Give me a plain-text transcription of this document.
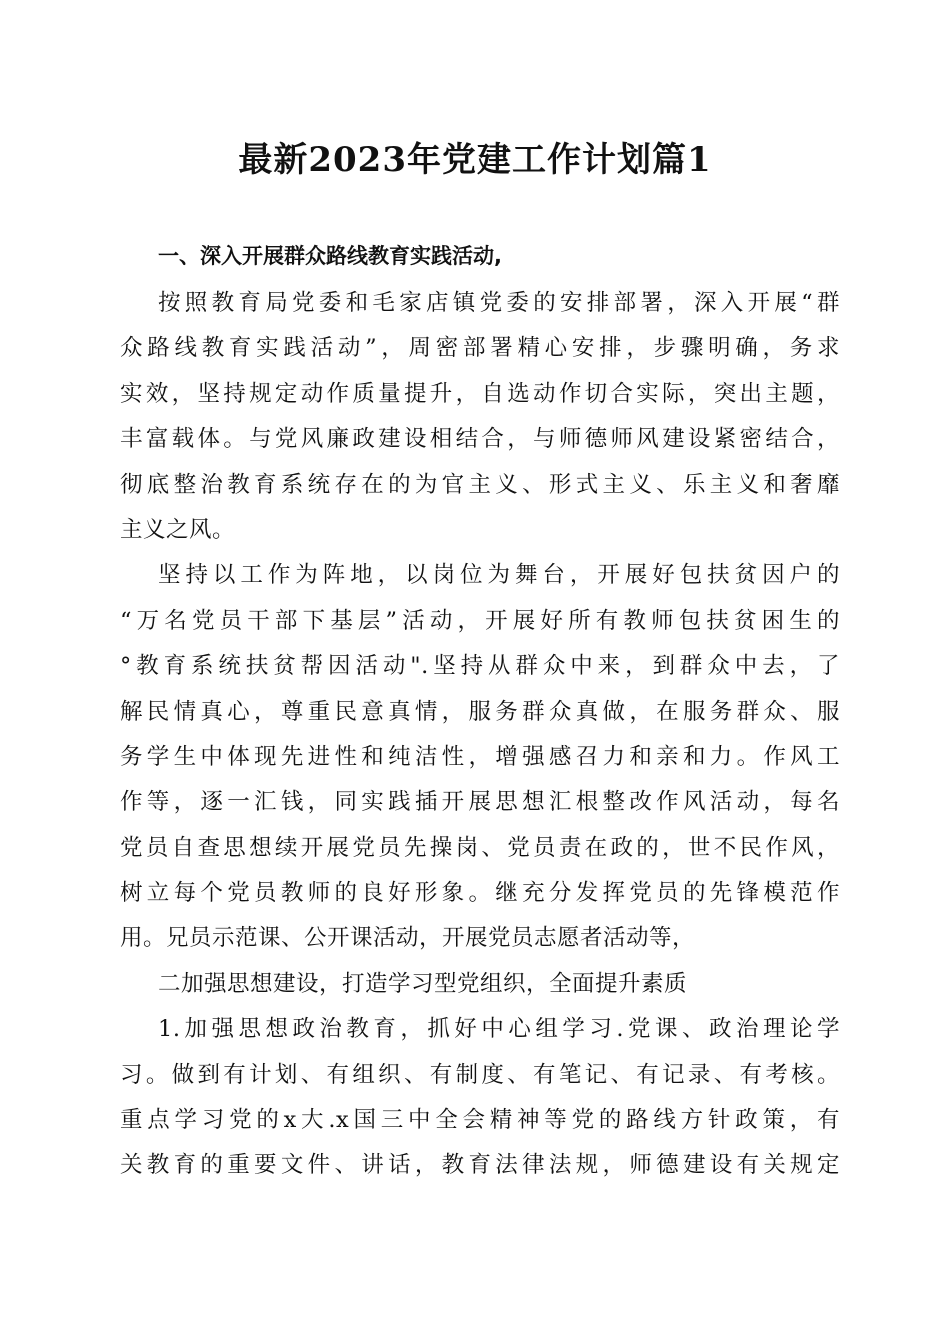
最新2023年党建工作计划篇1
一、深入开展群众路线教育实践活动,
按照教育局党委和毛家店镇党委的安排部署，深入开展“群
众路线教育实践活动”，周密部署精心安排，步骤明确，务求
实效，坚持规定动作质量提升，自选动作切合实际，突出主题，
丰富载体。与党风廉政建设相结合，与师德师风建设紧密结合，
彻底整治教育系统存在的为官主义、形式主义、乐主义和奢靡
主义之风。
坚持以工作为阵地，以岗位为舞台，开展好包扶贫因户的
“万名党员干部下基层”活动，开展好所有教师包扶贫困生的
°教育系统扶贫帮因活动".坚持从群众中来，到群众中去，了
解民情真心，尊重民意真情，服务群众真做，在服务群众、服
务学生中体现先进性和纯洁性，增强感召力和亲和力。作风工
作等，逐一汇钱，同实践插开展思想汇根整改作风活动，每名
党员自查思想续开展党员先操岗、党员责在政的，世不民作风，
树立每个党员教师的良好形象。继充分发挥党员的先锋模范作
用。兄员示范课、公开课活动，开展党员志愿者活动等，
二加强思想建设，打造学习型党组织，全面提升素质
1.加强思想政治教育，抓好中心组学习.党课、政治理论学
习。做到有计划、有组织、有制度、有笔记、有记录、有考核。
重点学习党的x大.x国三中全会精神等党的路线方针政策，有
关教育的重要文件、讲话，教育法律法规，师德建设有关规定
